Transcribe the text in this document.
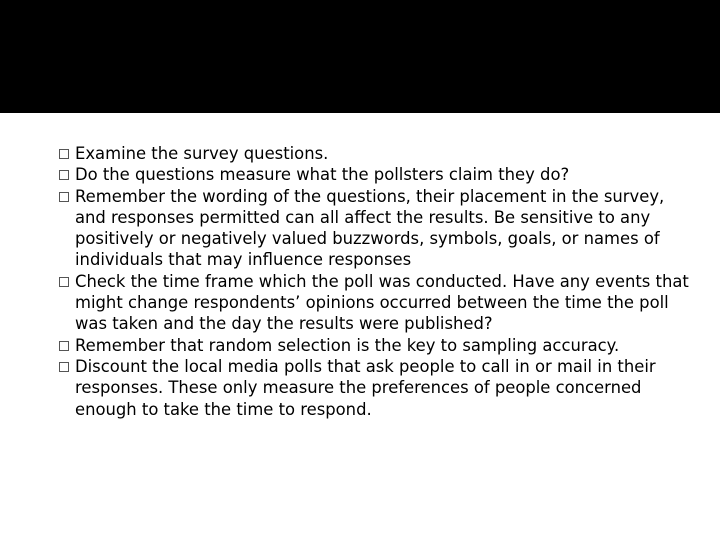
Examine the survey questions.
Do the questions measure what the pollsters claim they do?
Remember the wording of the questions, their placement in the survey, and responses permitted can all affect the results. Be sensitive to any positively or negatively valued buzzwords, symbols, goals, or names of individuals that may influence responses
Check the time frame which the poll was conducted. Have any events that might change respondents’ opinions occurred between the time the poll was taken and the day the results were published?
Remember that random selection is the key to sampling accuracy.
Discount the local media polls that ask people to call in or mail in their responses. These only measure the preferences of people concerned enough to take the time to respond.
